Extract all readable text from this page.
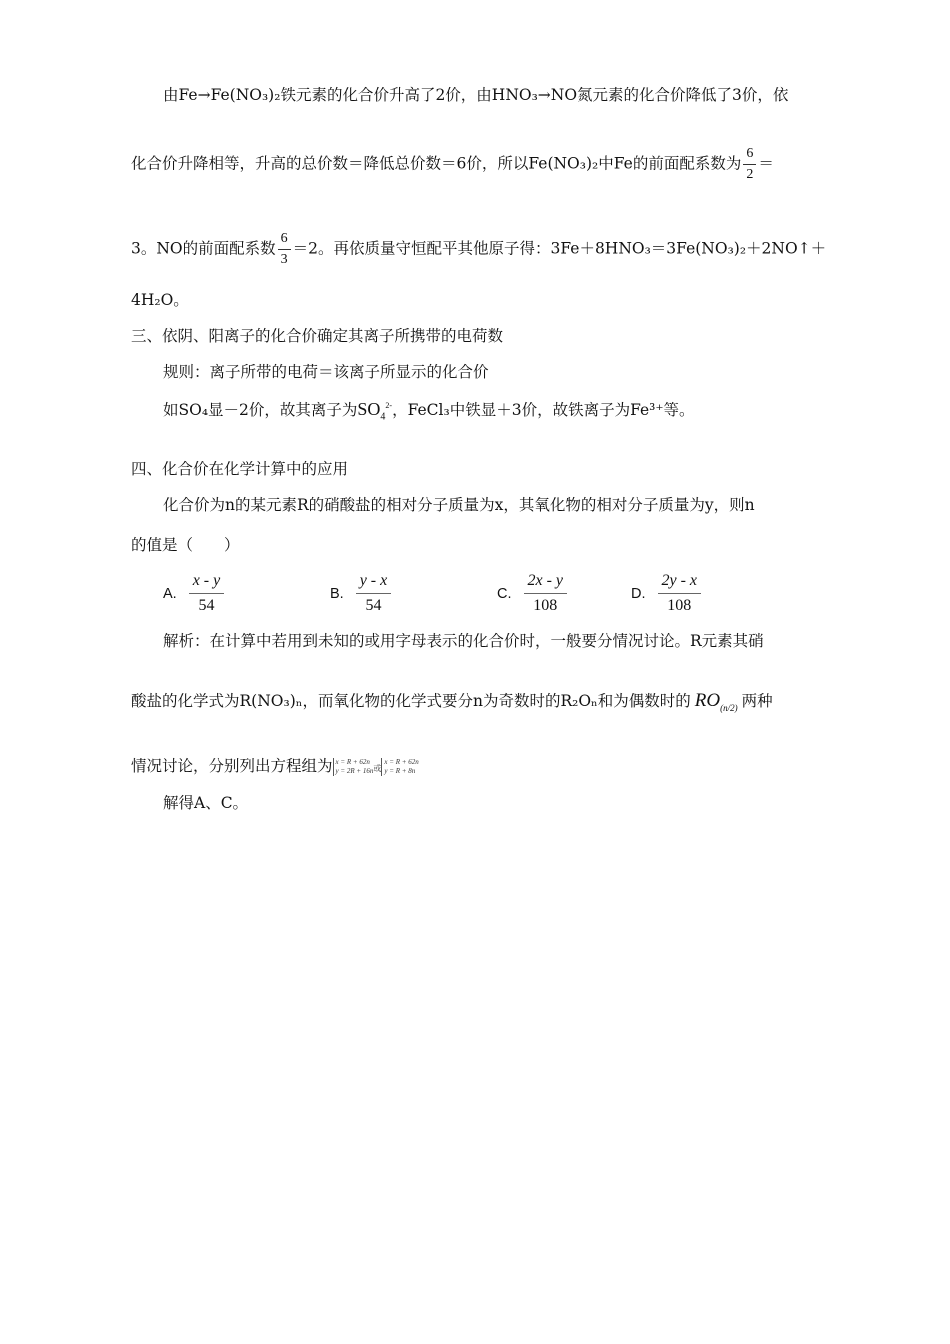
由Fe→Fe(NO₃)₂铁元素的化合价升高了2价，由HNO₃→NO氮元素的化合价降低了3价，依
化合价升降相等，升高的总价数＝降低总价数＝6价，所以Fe(NO₃)₂中Fe的前面配系数为 $\frac{6}{2}$ ＝
3。NO的前面配系数 $\frac{6}{3} =2$。再依质量守恒配平其他原子得：3Fe＋8HNO₃＝3Fe(NO₃)₂＋2NO↑＋
4H₂O。
三、依阴、阳离子的化合价确定其离子所携带的电荷数
规则：离子所带的电荷＝该离子所显示的化合价
如SO₄显－2价，故其离子为$SO_4^{2-}$，FeCl₃中铁显＋3价，故铁离子为Fe³⁺等。
四、化合价在化学计算中的应用
化合价为n的某元素R的硝酸盐的相对分子质量为x，其氧化物的相对分子质量为y，则n
的值是（　　）
A. $\frac{x - y}{54}$	B. $\frac{y - x}{54}$	C. $\frac{2x - y}{108}$	D. $\frac{2y - x}{108}$
解析：在计算中若用到未知的或用字母表示的化合价时，一般要分情况讨论。R元素其硝
酸盐的化学式为R(NO₃)ₙ，而氧化物的化学式要分n为奇数时的R₂Oₙ和为偶数时的 $RO_{(n/2)}$ 两种
情况讨论，分别列出方程组为 x = R + 62n
y = 2R + 16n或x = R + 62n
y = R + 8n
解得A、C。
